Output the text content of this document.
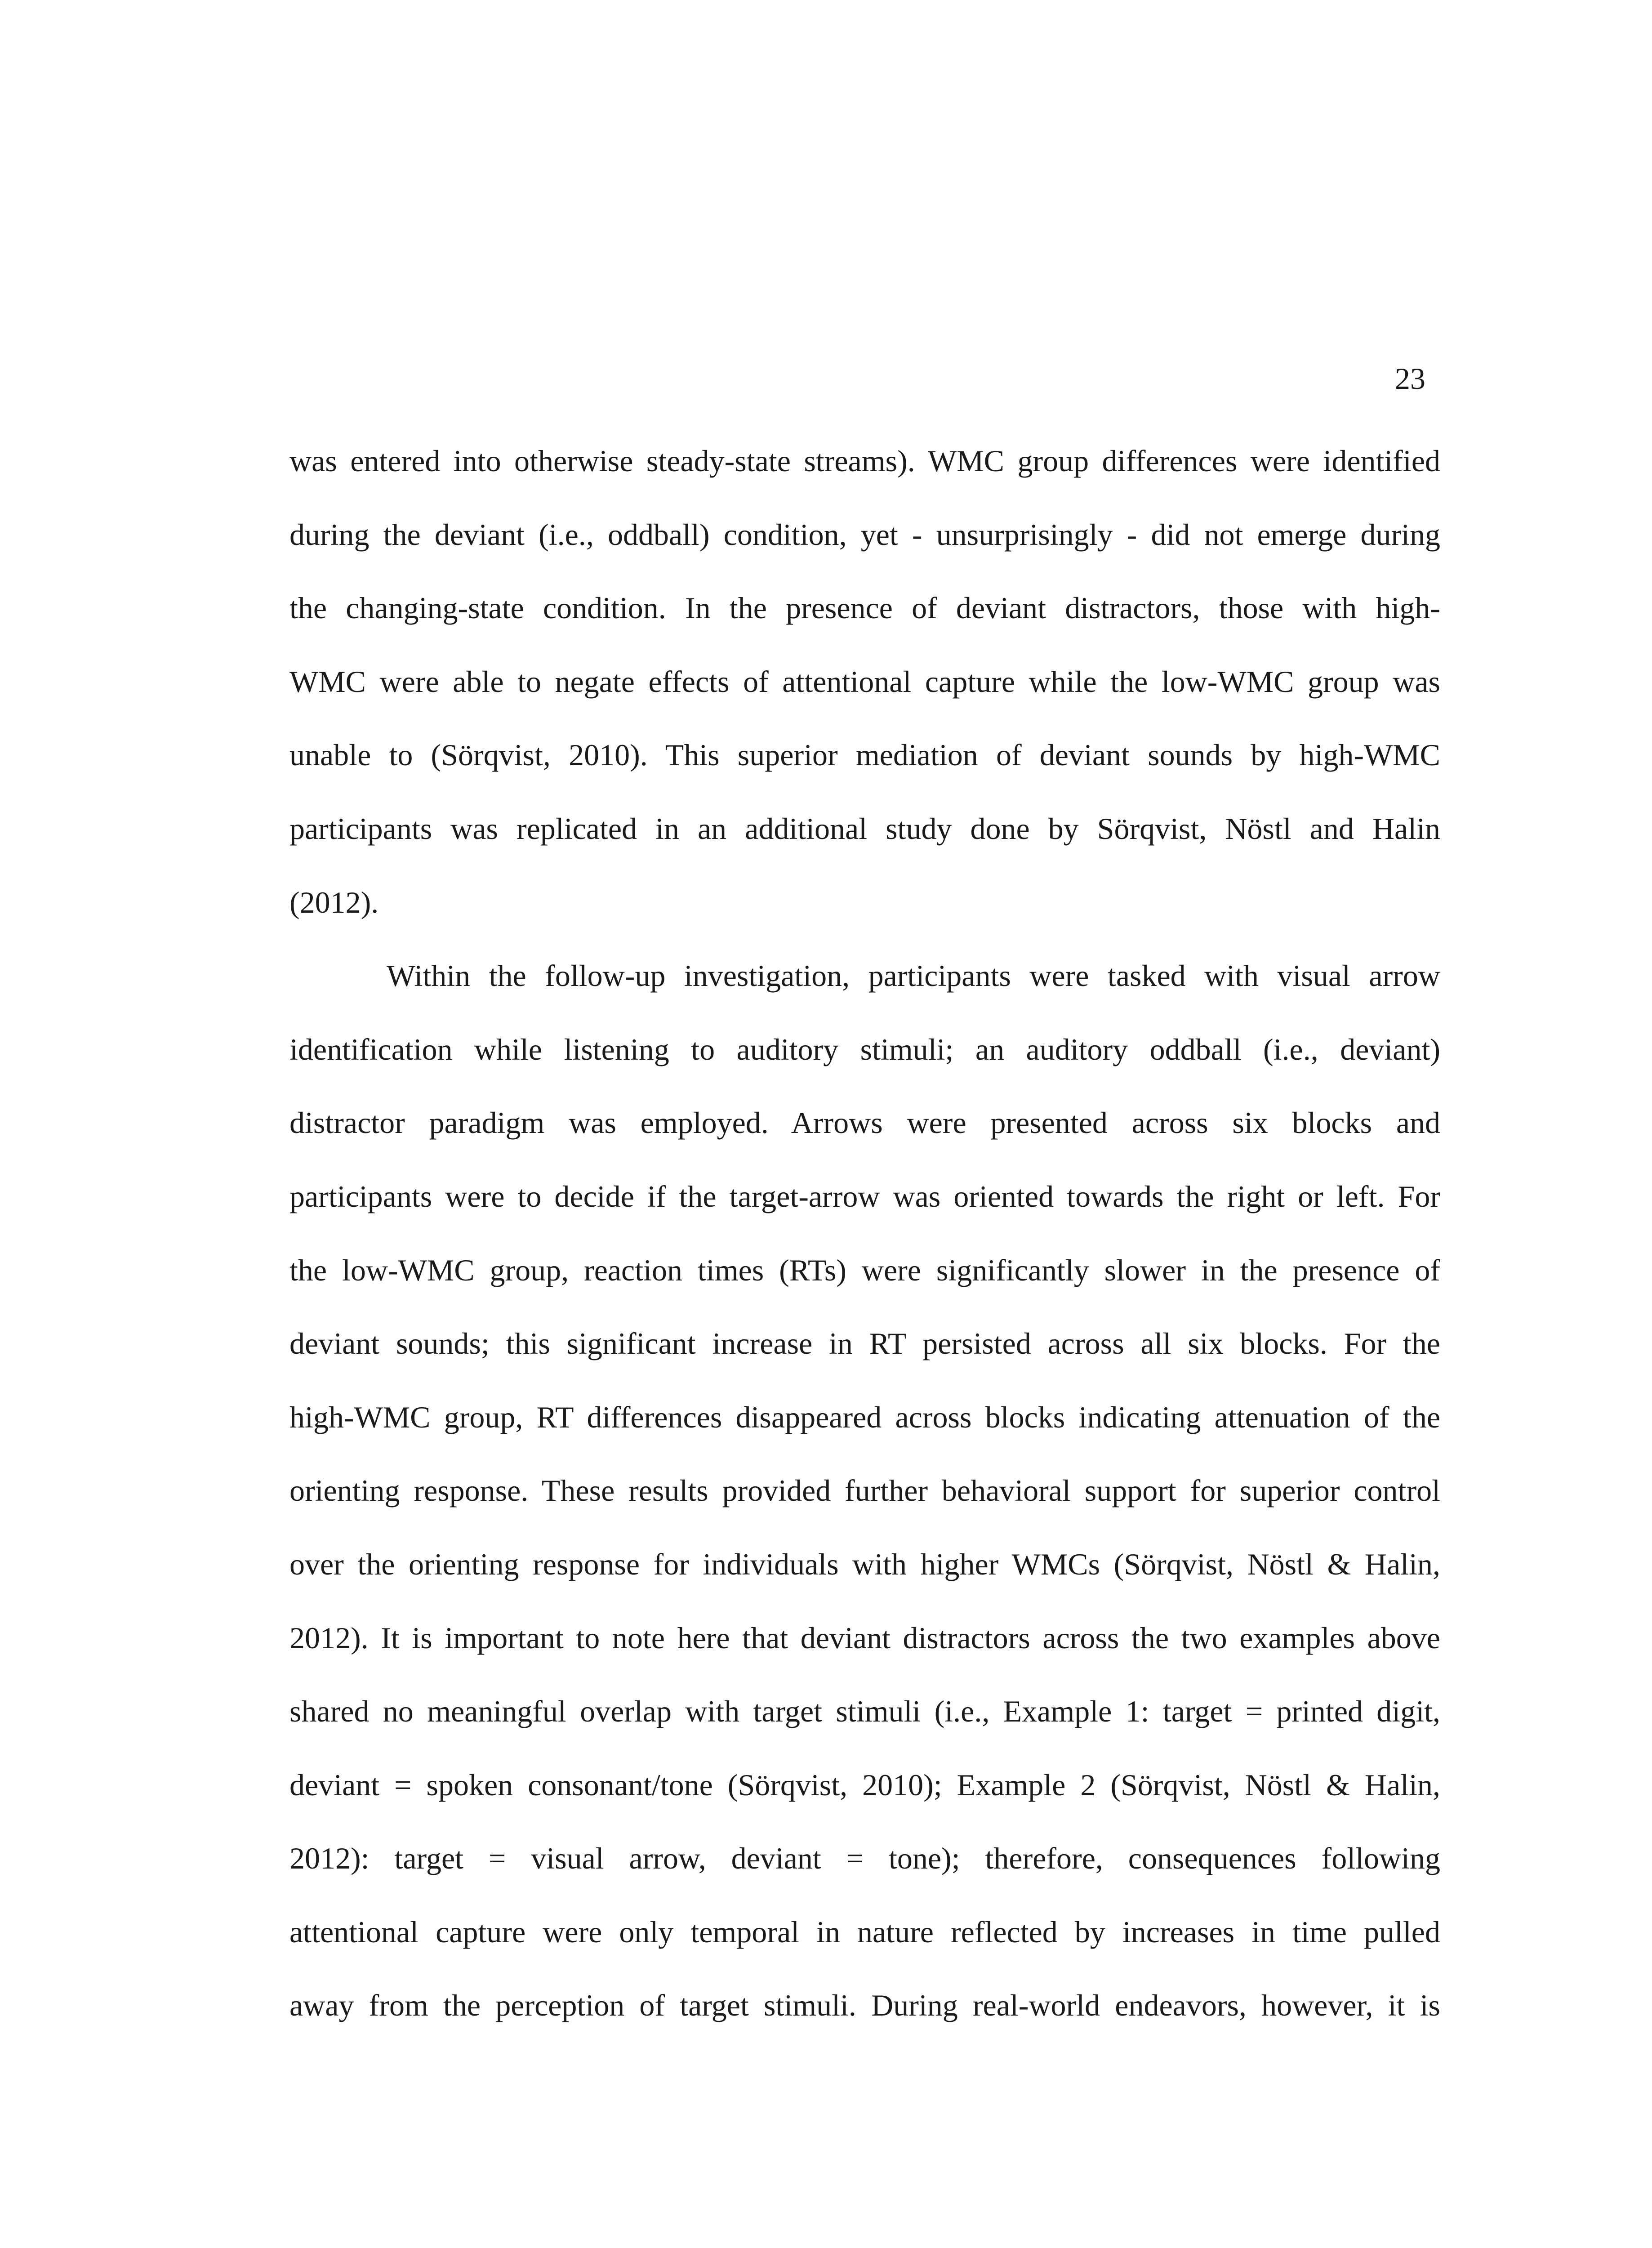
23
was entered into otherwise steady-state streams). WMC group differences were identified
during the deviant (i.e., oddball) condition, yet - unsurprisingly - did not emerge during
the changing-state condition. In the presence of deviant distractors, those with high-
WMC were able to negate effects of attentional capture while the low-WMC group was
unable to (Sörqvist, 2010). This superior mediation of deviant sounds by high-WMC
participants was replicated in an additional study done by Sörqvist, Nöstl and Halin
(2012).
Within the follow-up investigation, participants were tasked with visual arrow
identification while listening to auditory stimuli; an auditory oddball (i.e., deviant)
distractor paradigm was employed. Arrows were presented across six blocks and
participants were to decide if the target-arrow was oriented towards the right or left. For
the low-WMC group, reaction times (RTs) were significantly slower in the presence of
deviant sounds; this significant increase in RT persisted across all six blocks. For the
high-WMC group, RT differences disappeared across blocks indicating attenuation of the
orienting response. These results provided further behavioral support for superior control
over the orienting response for individuals with higher WMCs (Sörqvist, Nöstl & Halin,
2012). It is important to note here that deviant distractors across the two examples above
shared no meaningful overlap with target stimuli (i.e., Example 1: target = printed digit,
deviant = spoken consonant/tone (Sörqvist, 2010); Example 2 (Sörqvist, Nöstl & Halin,
2012): target = visual arrow, deviant = tone); therefore, consequences following
attentional capture were only temporal in nature reflected by increases in time pulled
away from the perception of target stimuli. During real-world endeavors, however, it is
